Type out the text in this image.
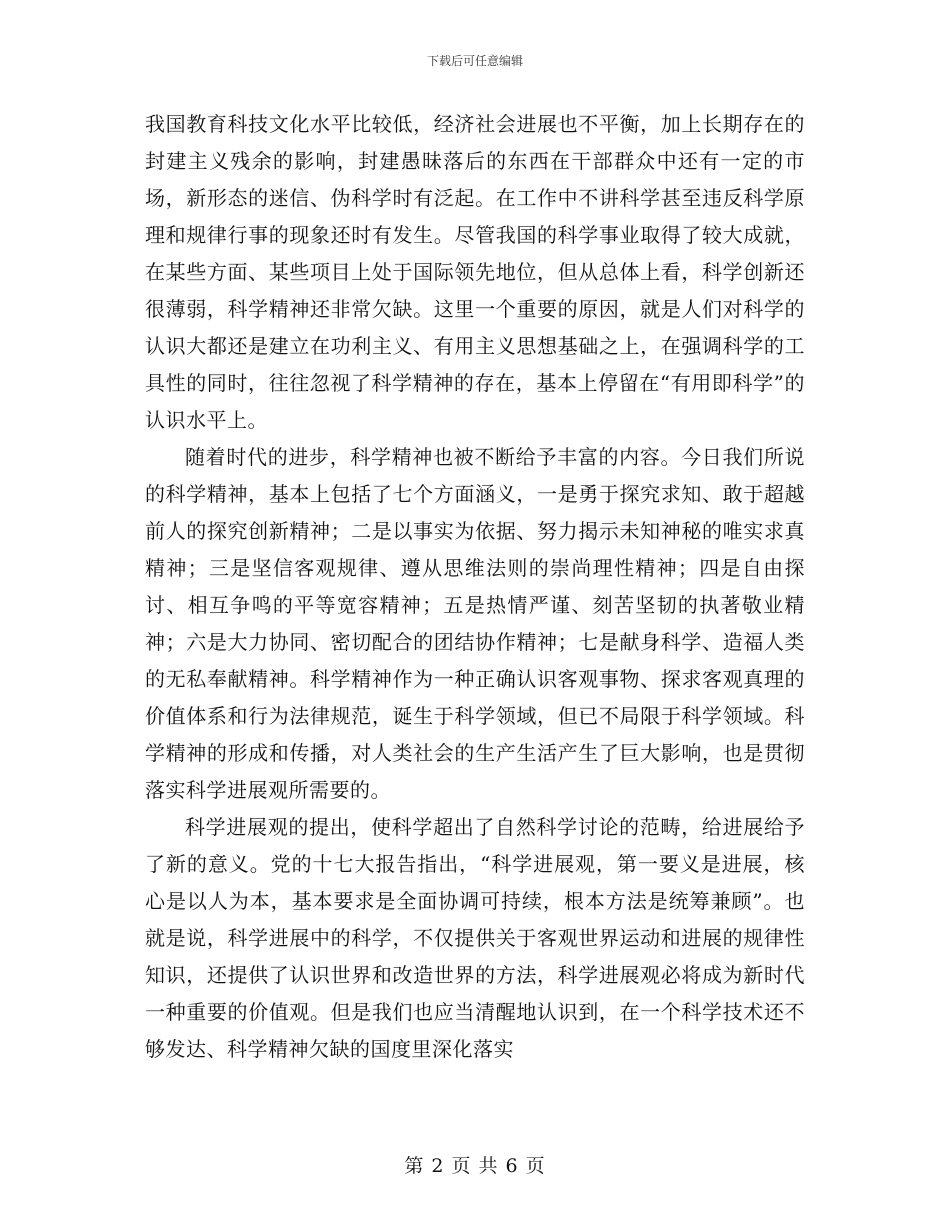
下载后可任意编辑

我国教育科技文化水平比较低，经济社会进展也不平衡，加上长期存在的封建主义残余的影响，封建愚昧落后的东西在干部群众中还有一定的市场，新形态的迷信、伪科学时有泛起。在工作中不讲科学甚至违反科学原理和规律行事的现象还时有发生。尽管我国的科学事业取得了较大成就，在某些方面、某些项目上处于国际领先地位，但从总体上看，科学创新还很薄弱，科学精神还非常欠缺。这里一个重要的原因，就是人们对科学的认识大都还是建立在功利主义、有用主义思想基础之上，在强调科学的工具性的同时，往往忽视了科学精神的存在，基本上停留在“有用即科学”的认识水平上。

随着时代的进步，科学精神也被不断给予丰富的内容。今日我们所说的科学精神，基本上包括了七个方面涵义，一是勇于探究求知、敢于超越前人的探究创新精神；二是以事实为依据、努力揭示未知神秘的唯实求真精神；三是坚信客观规律、遵从思维法则的崇尚理性精神；四是自由探讨、相互争鸣的平等宽容精神；五是热情严谨、刻苦坚韧的执著敬业精神；六是大力协同、密切配合的团结协作精神；七是献身科学、造福人类的无私奉献精神。科学精神作为一种正确认识客观事物、探求客观真理的价值体系和行为法律规范，诞生于科学领域，但已不局限于科学领域。科学精神的形成和传播，对人类社会的生产生活产生了巨大影响，也是贯彻落实科学进展观所需要的。

科学进展观的提出，使科学超出了自然科学讨论的范畴，给进展给予了新的意义。党的十七大报告指出，“科学进展观，第一要义是进展，核心是以人为本，基本要求是全面协调可持续，根本方法是统筹兼顾”。也就是说，科学进展中的科学，不仅提供关于客观世界运动和进展的规律性知识，还提供了认识世界和改造世界的方法，科学进展观必将成为新时代一种重要的价值观。但是我们也应当清醒地认识到，在一个科学技术还不够发达、科学精神欠缺的国度里深化落实

第 2 页 共 6 页
